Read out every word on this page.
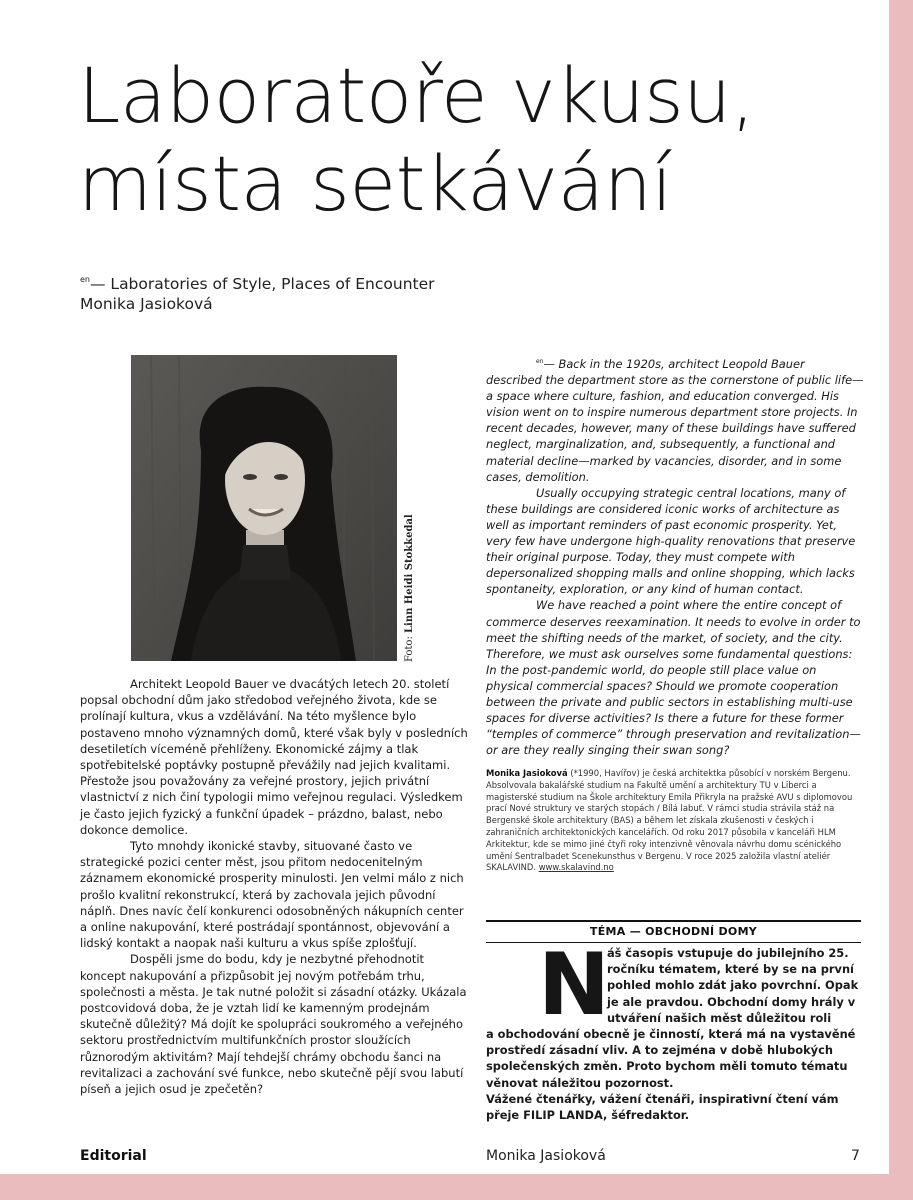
Laboratoře vkusu,
místa setkávání
$^{en}$— Laboratories of Style, Places of Encounter
Monika Jasioková
Foto: Linn Heidi Stokkedal

Architekt Leopold Bauer ve dvacátých letech 20. století popsal obchodní dům jako středobod veřejného života, kde se prolínají kultura, vkus a vzdělávání. Na této myšlence bylo postaveno mnoho významných domů, které však byly v posledních desetiletích víceméně přehlíženy. Ekonomické zájmy a tlak spotřebitelské poptávky postupně převážily nad jejich kvalitami. Přestože jsou považovány za veřejné prostory, jejich privátní vlastnictví z nich činí typologii mimo veřejnou regulaci. Výsledkem je často jejich fyzický a funkční úpadek – prázdno, balast, nebo dokonce demolice.

Tyto mnohdy ikonické stavby, situované často ve strategické pozici center měst, jsou přitom nedocenitelným záznamem ekonomické prosperity minulosti. Jen velmi málo z nich prošlo kvalitní rekonstrukcí, která by zachovala jejich původní náplň. Dnes navíc čelí konkurenci odosobněných nákupních center a online nakupování, které postrádají spontánnost, objevování a lidský kontakt a naopak naši kulturu a vkus spíše zplošťují.

Dospěli jsme do bodu, kdy je nezbytné přehodnotit koncept nakupování a přizpůsobit jej novým potřebám trhu, společnosti a města. Je tak nutné položit si zásadní otázky. Ukázala postcovidová doba, že je vztah lidí ke kamenným prodejnám skutečně důležitý? Má dojít ke spolupráci soukromého a veřejného sektoru prostřednictvím multifunkčních prostor sloužících různorodým aktivitám? Mají tehdejší chrámy obchodu šanci na revitalizaci a zachování své funkce, nebo skutečně pějí svou labutí píseň a jejich osud je zpečetěn?

$^{en}$— Back in the 1920s, architect Leopold Bauer described the department store as the cornerstone of public life—a space where culture, fashion, and education converged. His vision went on to inspire numerous department store projects. In recent decades, however, many of these buildings have suffered neglect, marginalization, and, subsequently, a functional and material decline—marked by vacancies, disorder, and in some cases, demolition.

Usually occupying strategic central locations, many of these buildings are considered iconic works of architecture as well as important reminders of past economic prosperity. Yet, very few have undergone high-quality renovations that preserve their original purpose. Today, they must compete with depersonalized shopping malls and online shopping, which lacks spontaneity, exploration, or any kind of human contact.

We have reached a point where the entire concept of commerce deserves reexamination. It needs to evolve in order to meet the shifting needs of the market, of society, and the city. Therefore, we must ask ourselves some fundamental questions: In the post-pandemic world, do people still place value on physical commercial spaces? Should we promote cooperation between the private and public sectors in establishing multi-use spaces for diverse activities? Is there a future for these former “temples of commerce” through preservation and revitalization—or are they really singing their swan song?

Monika Jasioková (*1990, Havířov) je česká architektka působící v norském Bergenu. Absolvovala bakalářské studium na Fakultě umění a architektury TU v Liberci a magisterské studium na Škole architektury Emila Přikryla na pražské AVU s diplomovou prací Nové struktury ve starých stopách / Bílá labuť. V rámci studia strávila stáž na Bergenské škole architektury (BAS) a během let získala zkušenosti v českých i zahraničních architektonických kancelářích. Od roku 2017 působila v kanceláři HLM Arkitektur, kde se mimo jiné čtyři roky intenzivně věnovala návrhu domu scénického umění Sentralbadet Scenekunsthus v Bergenu. V roce 2025 založila vlastní ateliér SKALAVIND. www.skalavind.no
TÉMA — OBCHODNÍ DOMY
N
áš časopis vstupuje do jubilejního 25. ročníku tématem, které by se na první pohled mohlo zdát jako povrchní. Opak je ale pravdou. Obchodní domy hrály v utváření našich měst důležitou roli
a obchodování obecně je činností, která má na vystavěné prostředí zásadní vliv. A to zejména v době hlubokých společenských změn. Proto bychom měli tomuto tématu věnovat náležitou pozornost.
Vážené čtenářky, vážení čtenáři, inspirativní čtení vám přeje FILIP LANDA, šéfredaktor.
Editorial	Monika Jasioková	7
